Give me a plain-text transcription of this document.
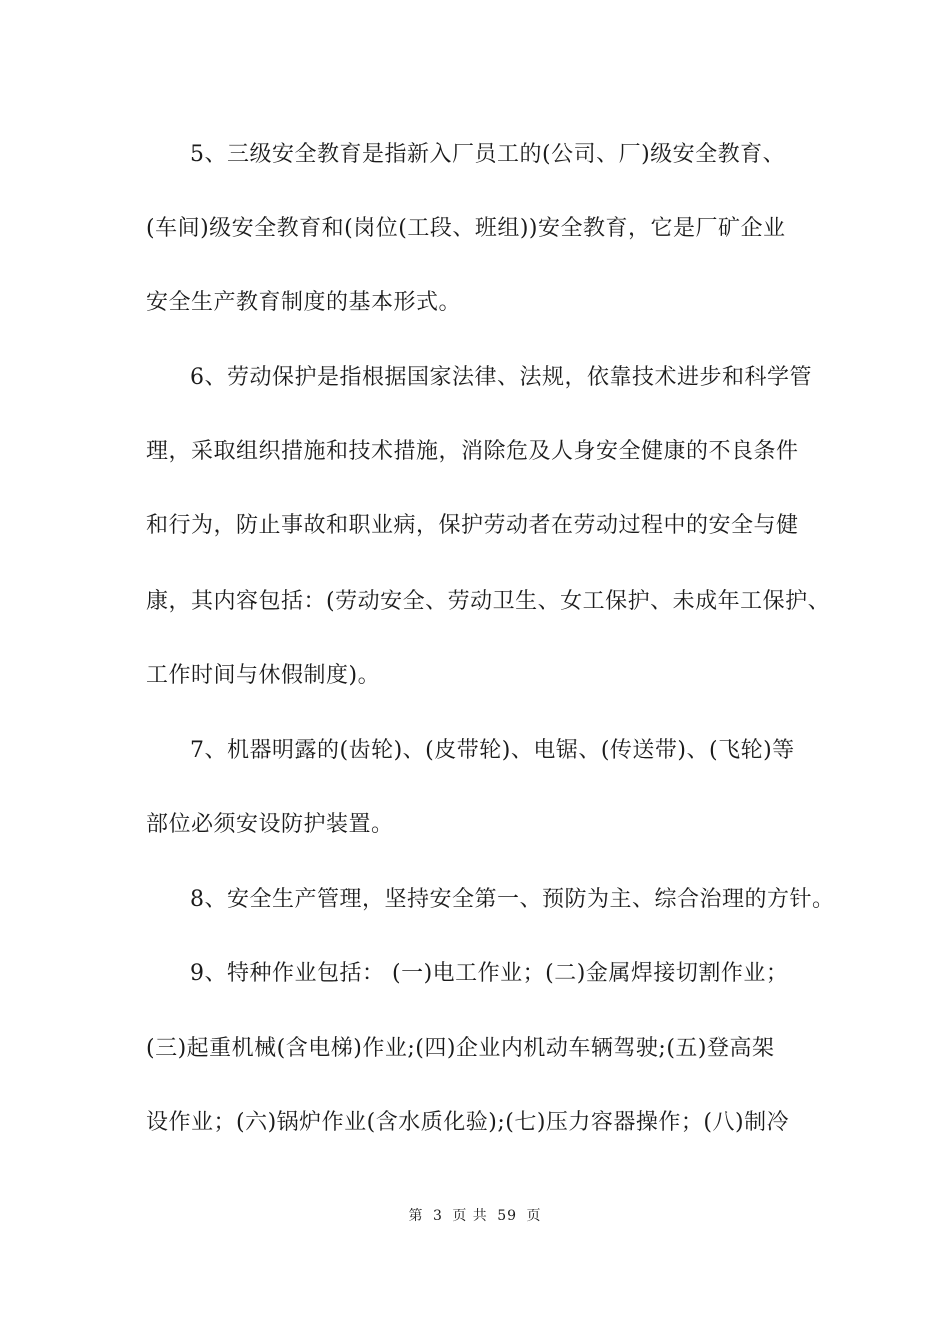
5、三级安全教育是指新入厂员工的(公司、厂)级安全教育、
(车间)级安全教育和(岗位(工段、班组))安全教育，它是厂矿企业
安全生产教育制度的基本形式。
6、劳动保护是指根据国家法律、法规，依靠技术进步和科学管
理，采取组织措施和技术措施，消除危及人身安全健康的不良条件
和行为，防止事故和职业病，保护劳动者在劳动过程中的安全与健
康，其内容包括：(劳动安全、劳动卫生、女工保护、未成年工保护、
工作时间与休假制度)。
7、机器明露的(齿轮)、(皮带轮)、电锯、(传送带)、(飞轮)等
部位必须安设防护装置。
8、安全生产管理，坚持安全第一、预防为主、综合治理的方针。
9、特种作业包括： (一)电工作业；(二)金属焊接切割作业；
(三)起重机械(含电梯)作业;(四)企业内机动车辆驾驶;(五)登高架
设作业；(六)锅炉作业(含水质化验);(七)压力容器操作；(八)制冷
第 3 页 共 59 页
